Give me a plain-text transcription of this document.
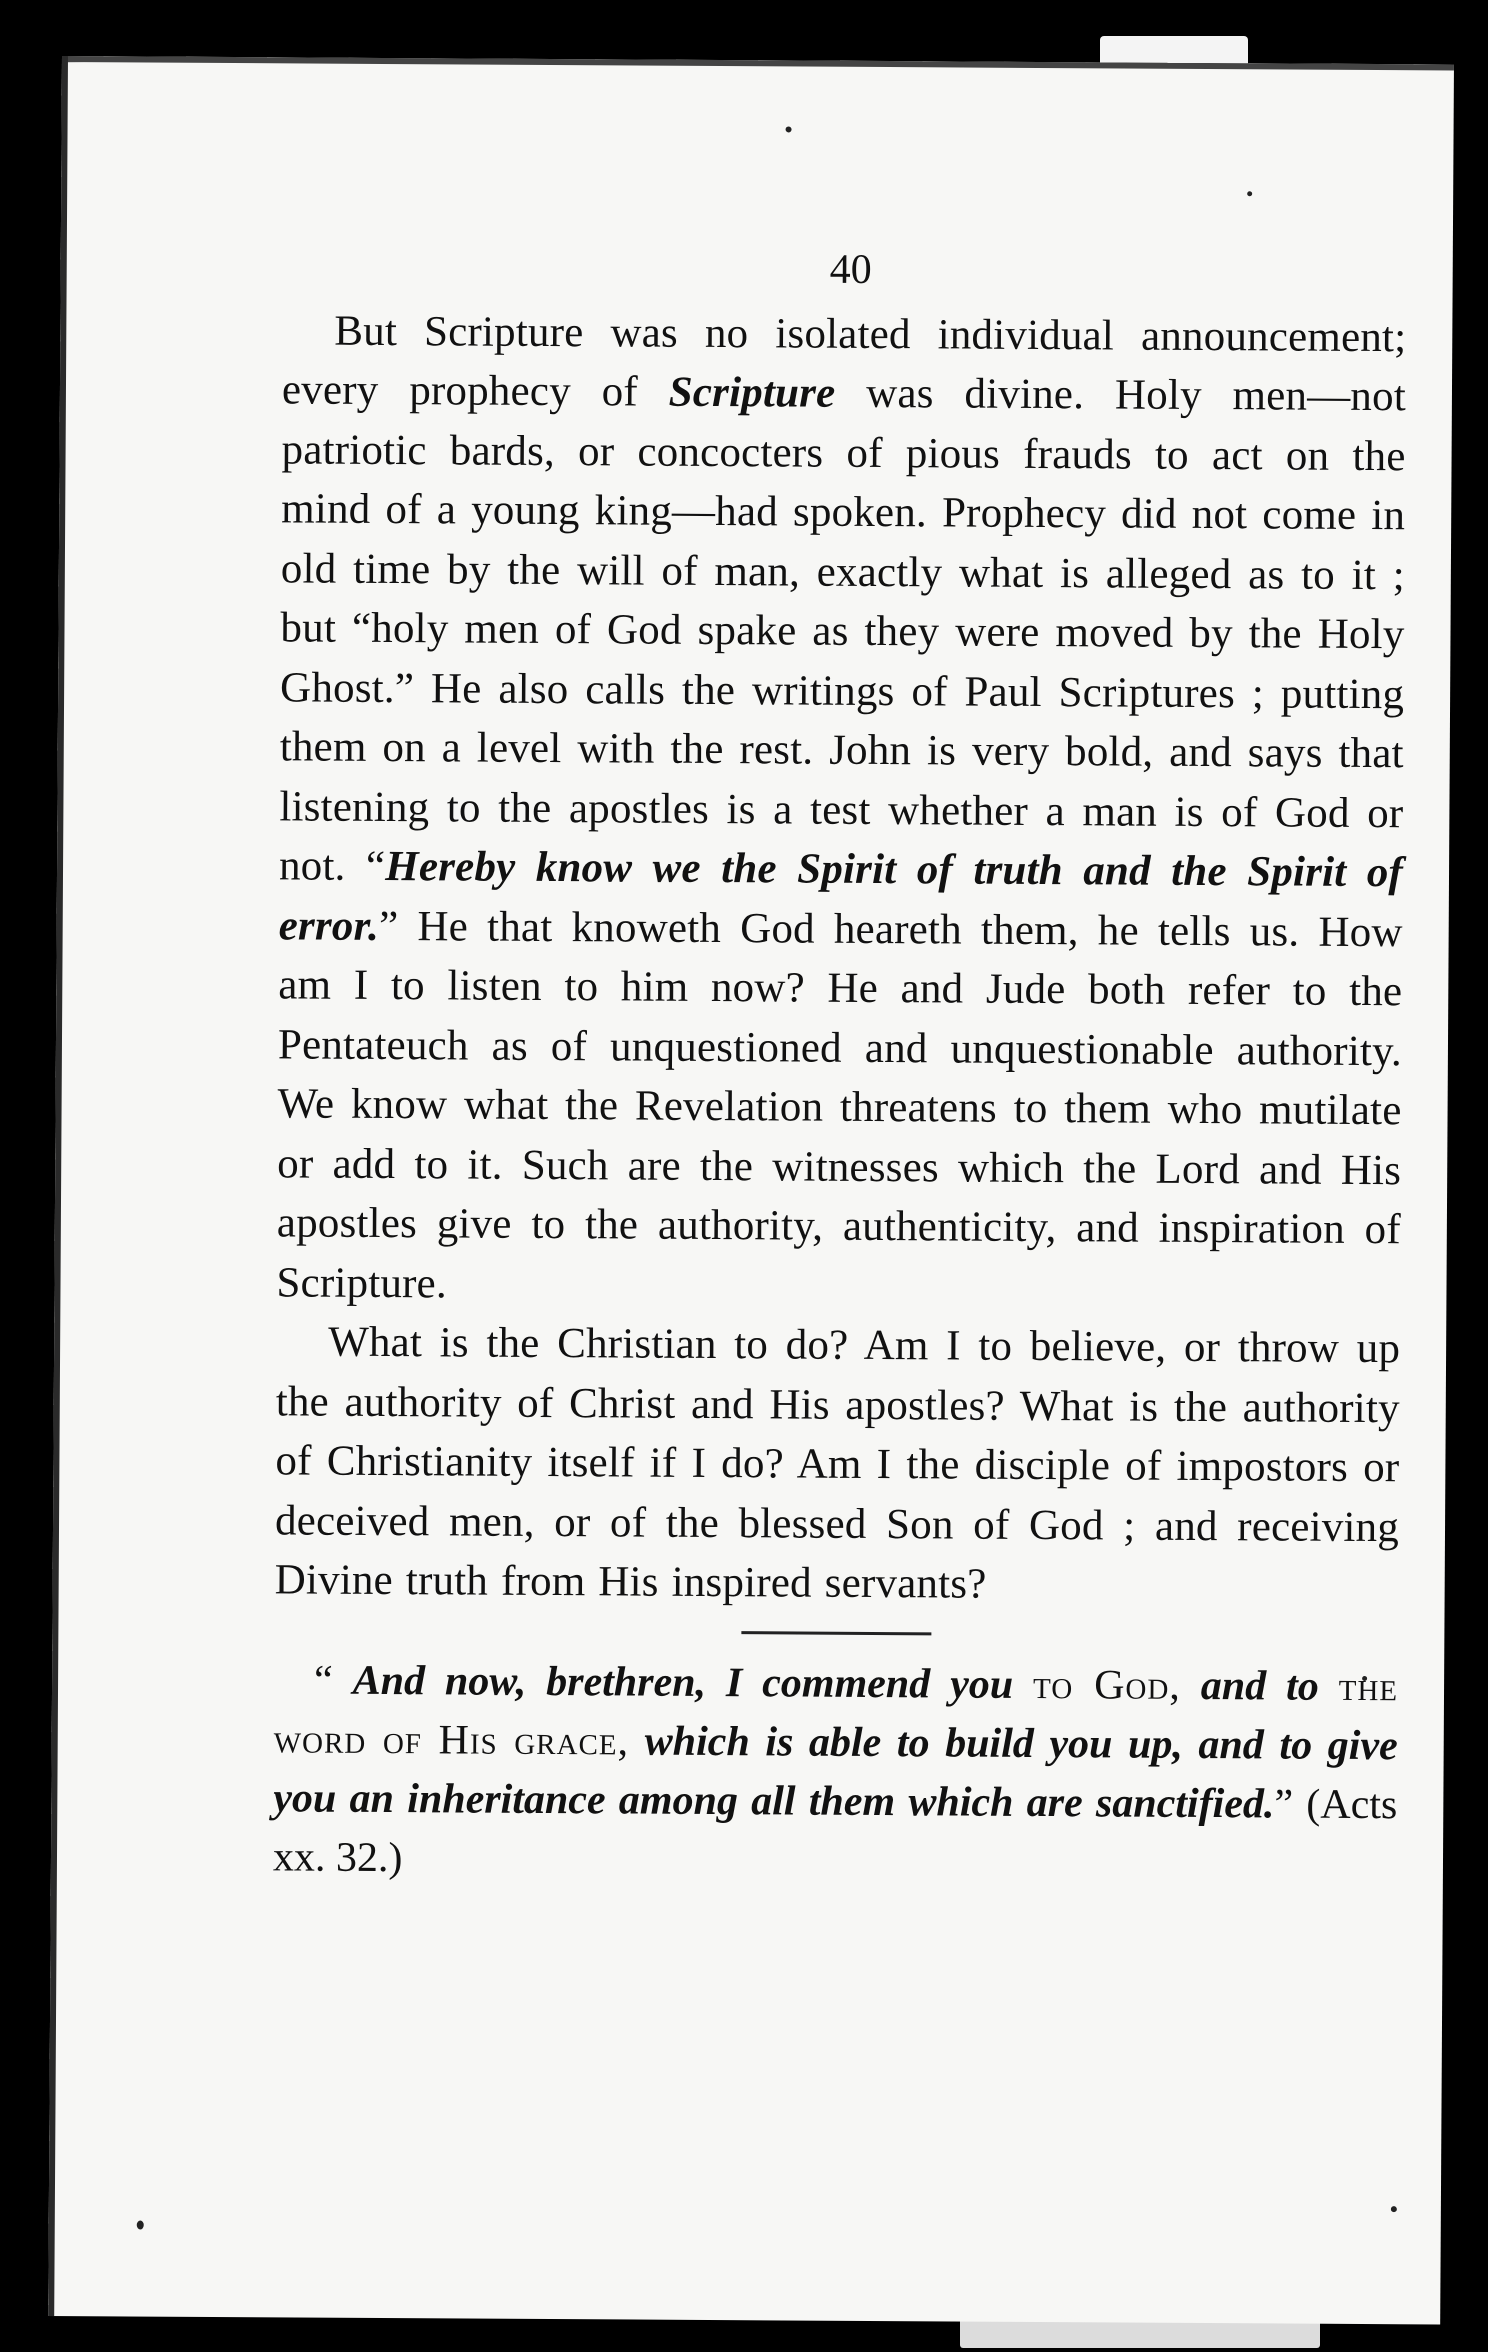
40

But Scripture was no isolated individual announcement; every prophecy of Scripture was divine. Holy men—not patriotic bards, or concocters of pious frauds to act on the mind of a young king—had spoken. Prophecy did not come in old time by the will of man, exactly what is alleged as to it ; but “holy men of God spake as they were moved by the Holy Ghost.” He also calls the writings of Paul Scriptures ; putting them on a level with the rest. John is very bold, and says that listening to the apostles is a test whether a man is of God or not. “Hereby know we the Spirit of truth and the Spirit of error.” He that knoweth God heareth them, he tells us. How am I to listen to him now? He and Jude both refer to the Pentateuch as of unquestioned and unquestionable authority. We know what the Revelation threatens to them who mutilate or add to it. Such are the witnesses which the Lord and His apostles give to the authority, authenticity, and inspiration of Scripture.

What is the Christian to do? Am I to believe, or throw up the authority of Christ and His apostles? What is the authority of Christianity itself if I do? Am I the disciple of impostors or deceived men, or of the blessed Son of God ; and receiving Divine truth from His inspired servants?

“ And now, brethren, I commend you to God, and to the word of His grace, which is able to build you up, and to give you an inheritance among all them which are sanctified.” (Acts xx. 32.)
